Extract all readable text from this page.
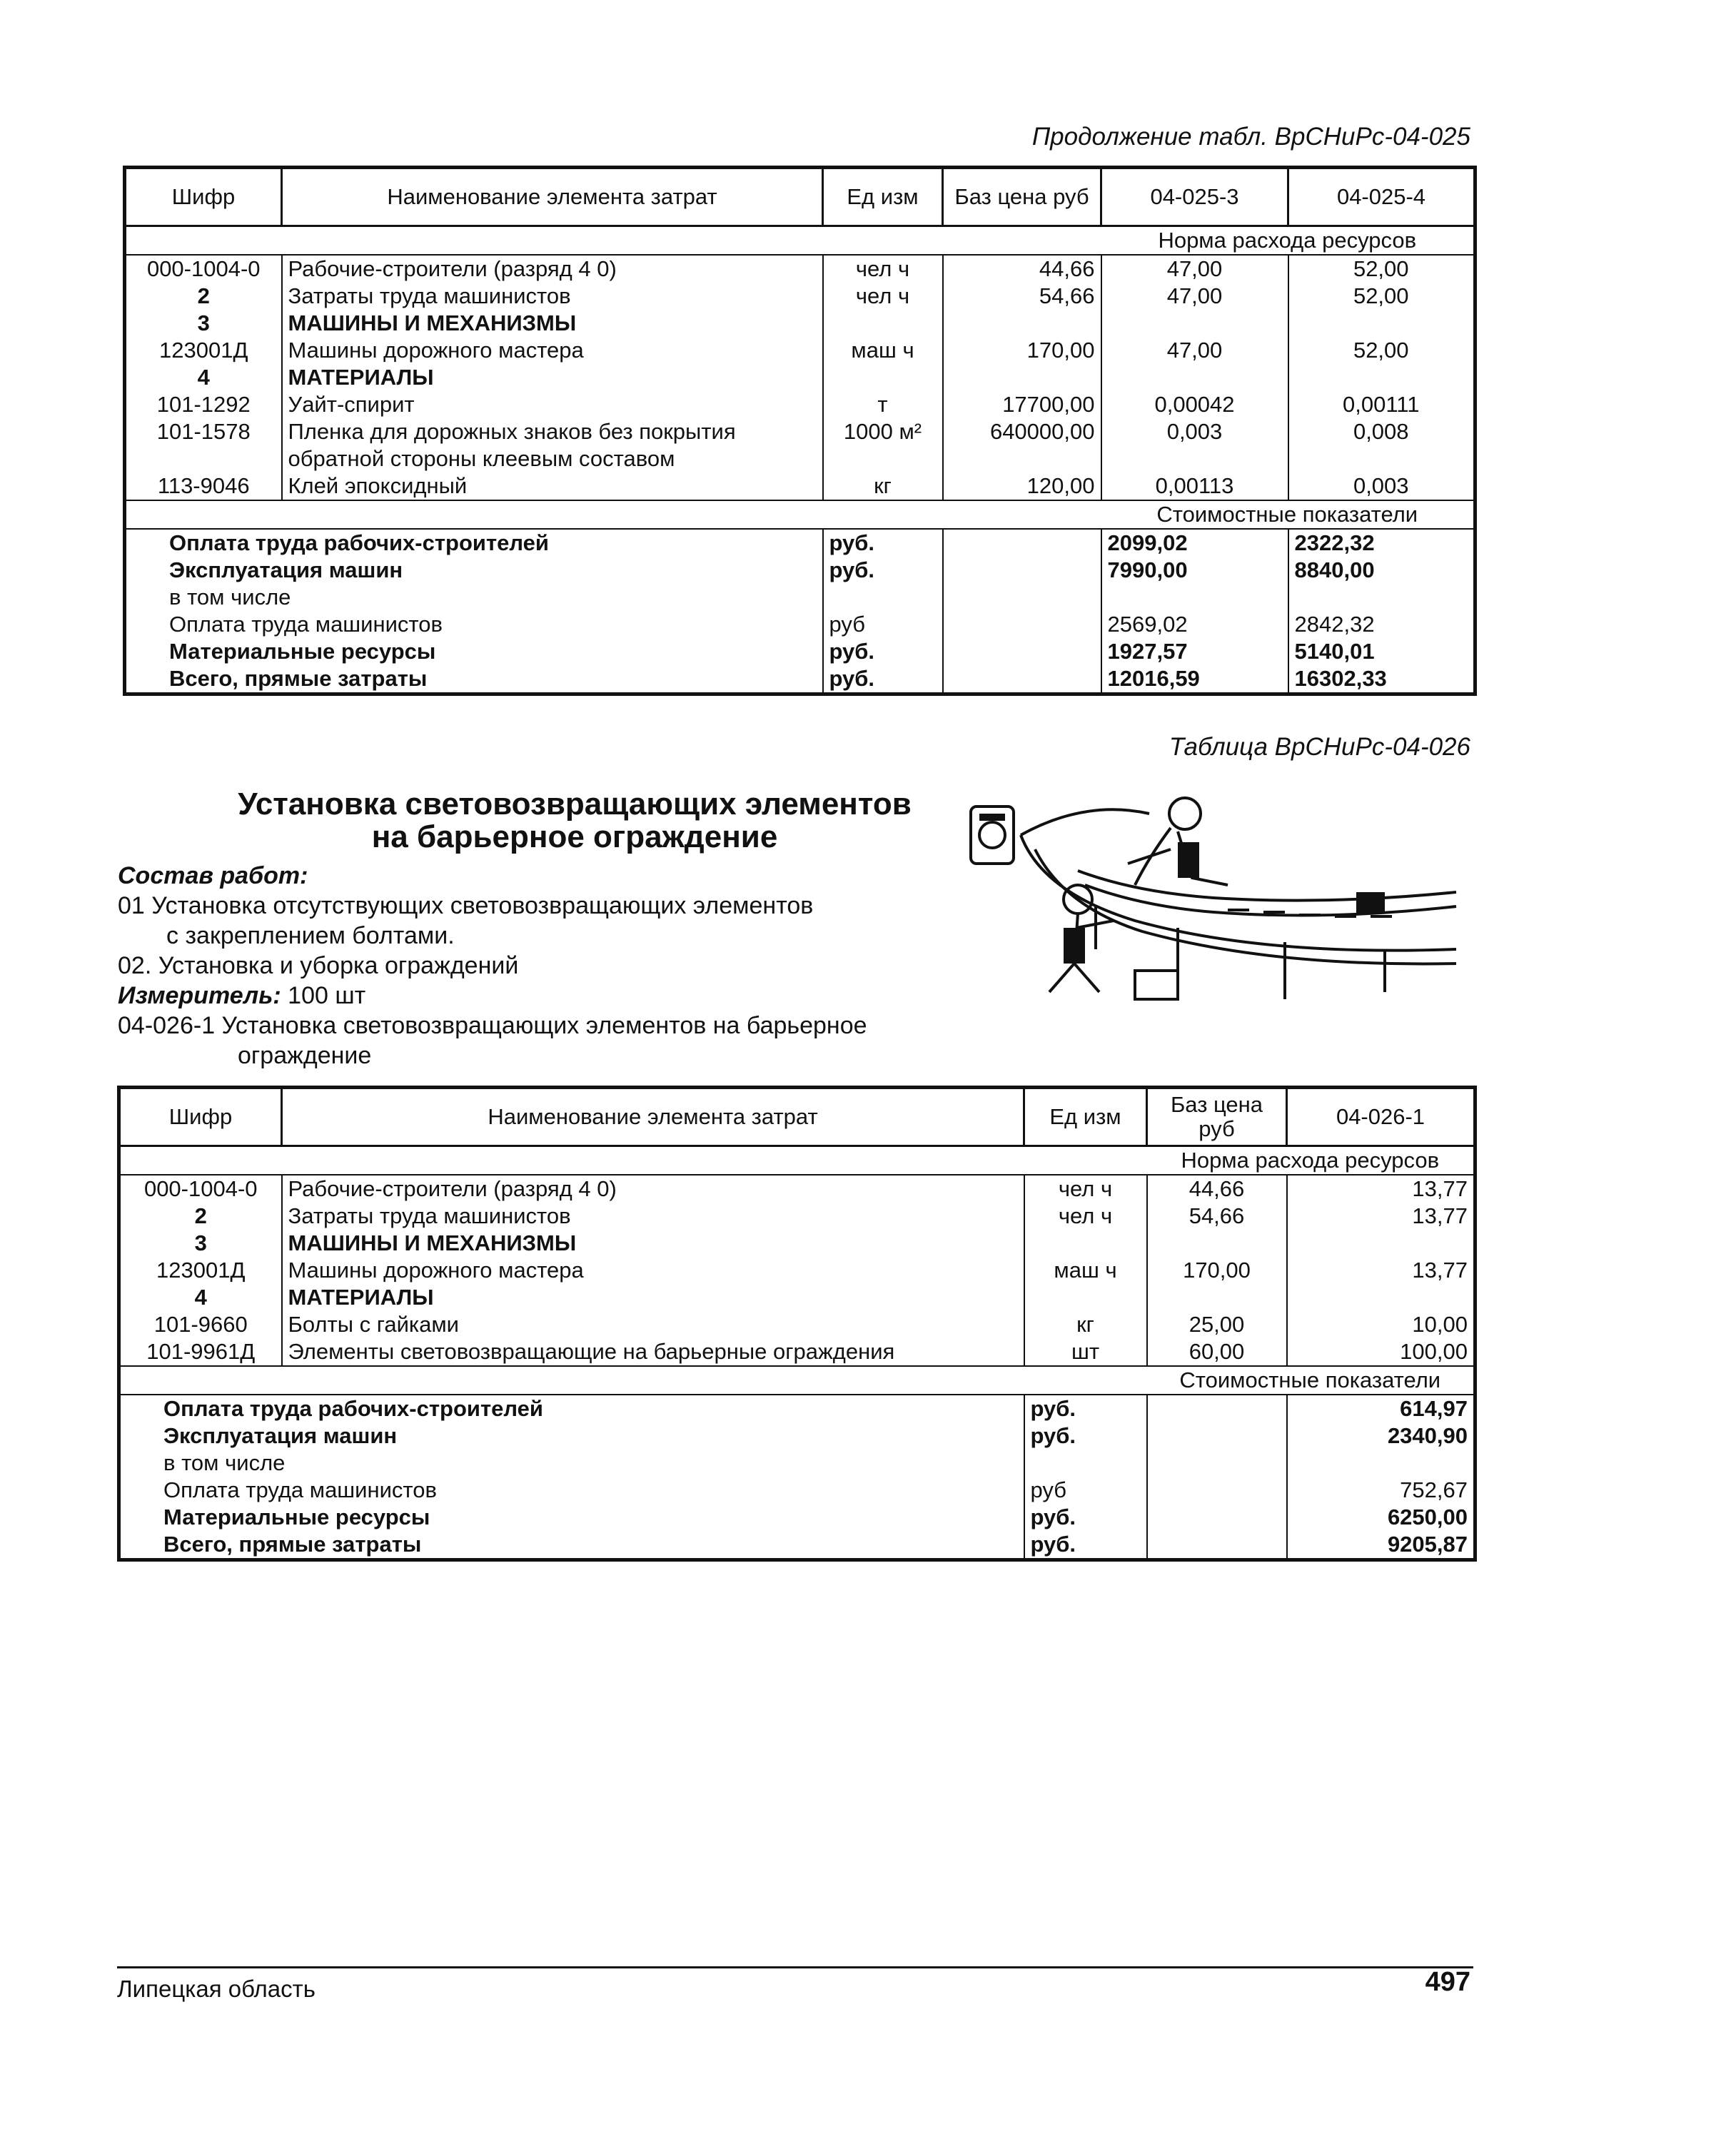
Продолжение табл. ВрСНиРс-04-025
Шифр	Наименование элемента затрат	Ед изм	Баз цена руб	04-025-3	04-025-4
				Норма расхода ресурсов	
000-1004-0	Рабочие-строители (разряд 4 0)	чел ч	44,66	47,00	52,00
2	Затраты труда машинистов	чел ч	54,66	47,00	52,00
3	МАШИНЫ И МЕХАНИЗМЫ				
123001Д	Машины дорожного мастера	маш ч	170,00	47,00	52,00
4	МАТЕРИАЛЫ				
101-1292	Уайт-спирит	т	17700,00	0,00042	0,00111
101-1578	Пленка для дорожных знаков без покрытия	1000 м²	640000,00	0,003	0,008
	обратной стороны клеевым составом				
113-9046	Клей эпоксидный	кг	120,00	0,00113	0,003
				Стоимостные показатели	
Оплата труда рабочих-строителей		руб.		2099,02	2322,32
Эксплуатация машин		руб.		7990,00	8840,00
в том числе					
Оплата труда машинистов		руб		2569,02	2842,32
Материальные ресурсы		руб.		1927,57	5140,01
Всего, прямые затраты		руб.		12016,59	16302,33
Таблица ВрСНиРс-04-026
Установка световозвращающих элементов
на барьерное ограждение
Состав работ:
01 Установка отсутствующих световозвращающих элементов
с закреплением болтами.
02. Установка и уборка ограждений
Измеритель: 100 шт
04-026-1 Установка световозвращающих элементов на барьерное
ограждение
Шифр	Наименование элемента затрат	Ед изм	Баз цена руб	04-026-1
			Норма расхода ресурсов	
000-1004-0	Рабочие-строители (разряд 4 0)	чел ч	44,66	13,77
2	Затраты труда машинистов	чел ч	54,66	13,77
3	МАШИНЫ И МЕХАНИЗМЫ			
123001Д	Машины дорожного мастера	маш ч	170,00	13,77
4	МАТЕРИАЛЫ			
101-9660	Болты с гайками	кг	25,00	10,00
101-9961Д	Элементы световозвращающие на барьерные ограждения	шт	60,00	100,00
			Стоимостные показатели	
Оплата труда рабочих-строителей		руб.		614,97
Эксплуатация машин		руб.		2340,90
в том числе				
Оплата труда машинистов		руб		752,67
Материальные ресурсы		руб.		6250,00
Всего, прямые затраты		руб.		9205,87
Липецкая область	497
